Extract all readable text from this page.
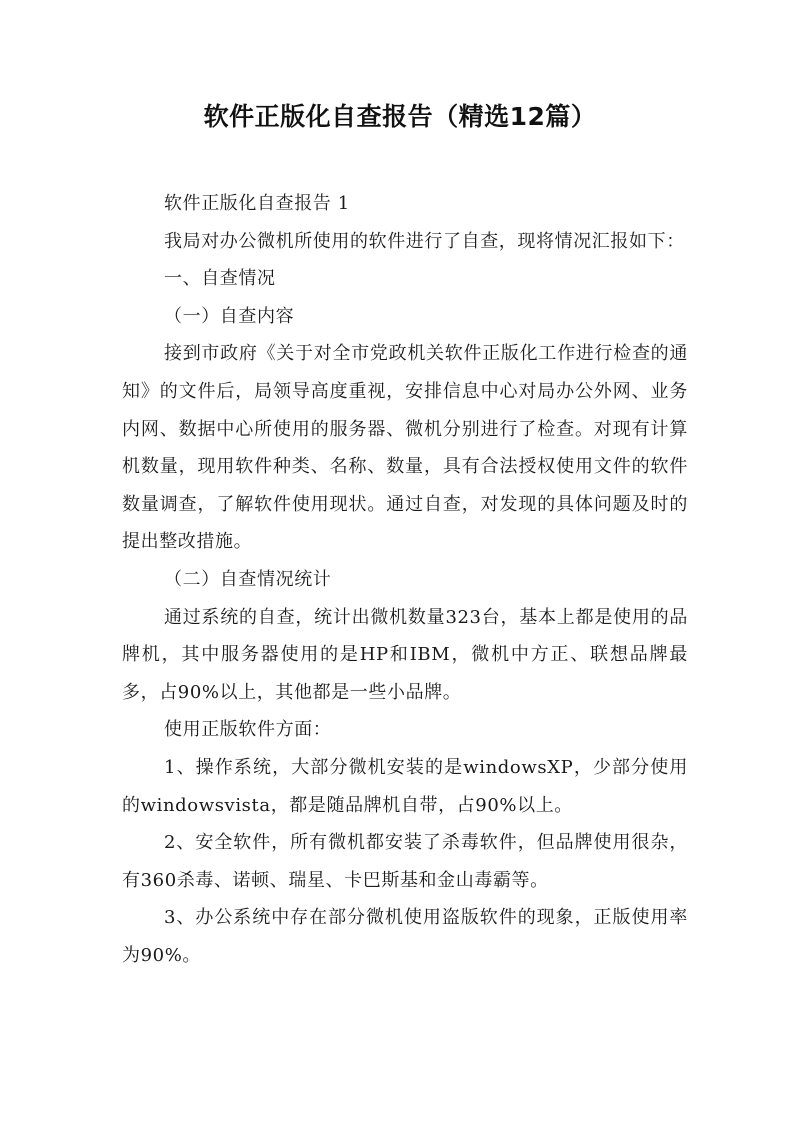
软件正版化自查报告（精选12篇）

软件正版化自查报告 1

我局对办公微机所使用的软件进行了自查，现将情况汇报如下：

一、自查情况

（一）自查内容

接到市政府《关于对全市党政机关软件正版化工作进行检查的通知》的文件后，局领导高度重视，安排信息中心对局办公外网、业务内网、数据中心所使用的服务器、微机分别进行了检查。对现有计算机数量，现用软件种类、名称、数量，具有合法授权使用文件的软件数量调查，了解软件使用现状。通过自查，对发现的具体问题及时的提出整改措施。

（二）自查情况统计

通过系统的自查，统计出微机数量323台，基本上都是使用的品牌机，其中服务器使用的是HP和IBM，微机中方正、联想品牌最多，占90%以上，其他都是一些小品牌。

使用正版软件方面：

1、操作系统，大部分微机安装的是windowsXP，少部分使用的windowsvista，都是随品牌机自带，占90%以上。

2、安全软件，所有微机都安装了杀毒软件，但品牌使用很杂，有360杀毒、诺顿、瑞星、卡巴斯基和金山毒霸等。

3、办公系统中存在部分微机使用盗版软件的现象，正版使用率为90%。
